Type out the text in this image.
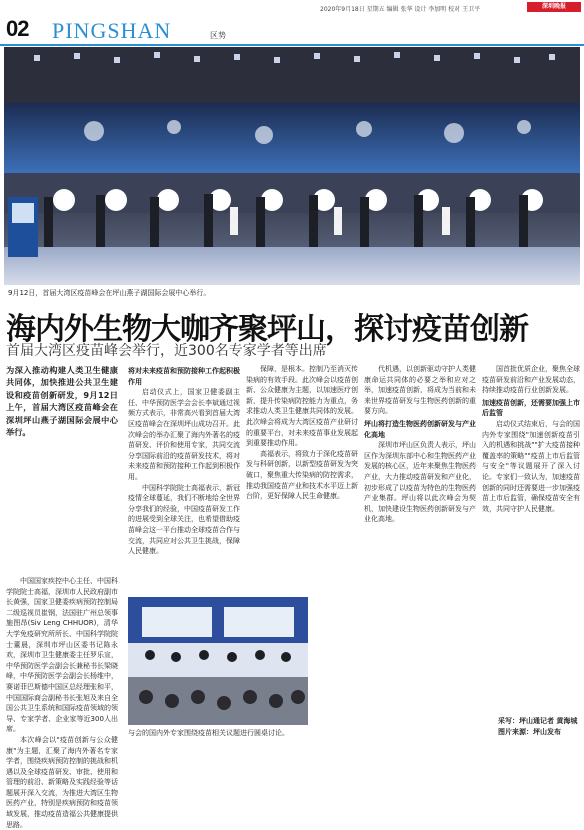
02 PINGSHAN	区势
2020年9月18日 星期五 编辑 张华 设计 李加明 校对 王卫平	深圳晚报
9月12日，首届大湾区疫苗峰会在坪山燕子湖国际会展中心举行。
海内外生物大咖齐聚坪山，探讨疫苗创新
首届大湾区疫苗峰会举行，近300名专家学者等出席

为深入推动构建人类卫生健康共同体，加快推进公共卫生建设和疫苗创新研发，9月12日上午，首届大湾区疫苗峰会在深圳坪山燕子湖国际会展中心举行。

中国国家疾控中心主任、中国科学院院士高福，深圳市人民政府副市长黄强，国家卫健委疾病预防控制局二级巡视员崔钢，法国驻广州总领事施图昂(Siv Leng CHHUOR)，清华大学免疫研究所所长、中国科学院院士董晨，深圳市坪山区委书记陈永欢，深圳市卫生健康委主任罗乐宣，中华预防医学会副会长兼秘书长梁晓峰，中华预防医学会副会长杨维中，赛诺菲巴斯德中国区总经理张和平，中国国际商会副秘书长张旭及来自全国公共卫生系统和国际疫苗领域的领导、专家学者、企业家等近300人出席。

本次峰会以"疫苗创新与公众健康"为主题，汇聚了海内外著名专家学者，围绕疾病预防控制的挑战和机遇以及全球疫苗研发、审批、使用和管理的前沿、新策略及实践经验等话题展开深入交流，为推进大湾区生物医药产业，特别是疾病预防和疫苗领域发展，推动疫苗造福公共健康提供思路。

将对未来疫苗和预防接种工作起积极作用

启动仪式上，国家卫健委副主任、中华预防医学会会长李斌通过视频方式表示，非常高兴看到首届大湾区疫苗峰会在深圳坪山成功召开。此次峰会的举办汇聚了海内外著名的疫苗研发、评价和使用专家，共同交流分享国际前沿的疫苗研发技术，将对未来疫苗和预防接种工作起到积极作用。

中国科学院院士高福表示，新冠疫情全球蔓延，我们不断地给全世界分享我们的经验，中国疫苗研发工作的进展受到全球关注，也希望借助疫苗峰会这一平台推动全球疫苗合作与交流，共同应对公共卫生挑战，保障人民健康。

保障，是根本。控制乃至消灭传染病的有效手段。此次峰会以疫苗创新、公众健康为主题，以加速医疗创新，提升传染病防控能力为重点，务求推动人类卫生健康共同体的发展。此次峰会将成为大湾区疫苗产业研讨的重要平台，对未来疫苗事业发展起到重要推动作用。

高福表示，将致力于深化疫苗研发与科研创新，以新型疫苗研发为突破口，聚焦重大传染病的防控需求，推动我国疫苗产业和技术水平迈上新台阶，更好保障人民生命健康。

代机遇，以创新驱动守护人类健康命运共同体的必要之举和应对之举，加速疫苗创新，将成为当前和未来世界疫苗研发与生物医药创新的重要方向。

坪山将打造生物医药创新研发与产业化高地

深圳市坪山区负责人表示，坪山区作为深圳东部中心和生物医药产业发展的核心区，近年来聚焦生物医药产业，大力推动疫苗研发和产业化，初步形成了以疫苗为特色的生物医药产业集群。坪山将以此次峰会为契机，加快建设生物医药创新研发与产业化高地。

国首批优质企业，聚焦全球疫苗研发前沿和产业发展动态，持续推动疫苗行业创新发展。

加速疫苗创新，还需要加强上市后监管

启动仪式结束后，与会的国内外专家围绕"加速创新疫苗引入的机遇和挑战""扩大疫苗接种覆盖率的策略""疫苗上市后监管与安全"等议题展开了深入讨论。专家们一致认为，加速疫苗创新的同时还需要进一步加强疫苗上市后监管，确保疫苗安全有效，共同守护人民健康。

与会的国内外专家围绕疫苗相关议题进行圆桌讨论。
采写：坪山通记者 黄海城
图片来源：坪山发布
